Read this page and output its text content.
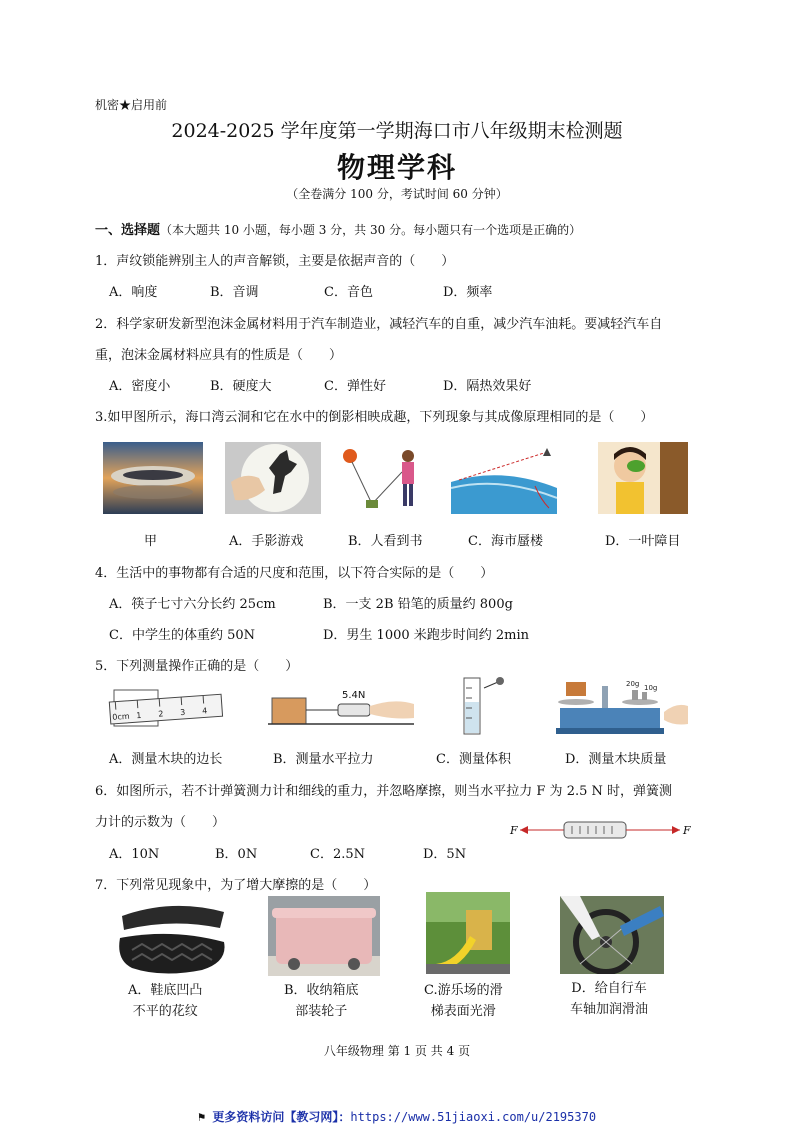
机密★启用前
2024-2025 学年度第一学期海口市八年级期末检测题
物理学科
（全卷满分 100 分，考试时间 60 分钟）
一、选择题（本大题共 10 小题，每小题 3 分，共 30 分。每小题只有一个选项是正确的）
1．声纹锁能辨别主人的声音解锁，主要是依据声音的（　　）
A．响度	B．音调	C．音色	D．频率
2．科学家研发新型泡沫金属材料用于汽车制造业，减轻汽车的自重，减少汽车油耗。要减轻汽车自
重，泡沫金属材料应具有的性质是（　　）
A．密度小	B．硬度大	C．弹性好	D．隔热效果好
3.如甲图所示，海口湾云洞和它在水中的倒影相映成趣，下列现象与其成像原理相同的是（　　）
甲	A．手影游戏	B．人看到书	C．海市蜃楼	D．一叶障目
4．生活中的事物都有合适的尺度和范围，以下符合实际的是（　　）
A．筷子七寸六分长约 25cm	B．一支 2B 铅笔的质量约 800g
C．中学生的体重约 50N	D．男生 1000 米跑步时间约 2min
5．下列测量操作正确的是（　　）
0cm 1 2 3 4
5.4N
20g 10g
A．测量木块的边长	B．测量水平拉力	C．测量体积	D．测量木块质量
6．如图所示，若不计弹簧测力计和细线的重力，并忽略摩擦，则当水平拉力 F 为 2.5 N 时，弹簧测
力计的示数为（　　）
F	F
A．10N	B．0N	C．2.5N	D．5N
7．下列常见现象中，为了增大摩擦的是（　　）
A．鞋底凹凸
不平的花纹
B．收纳箱底
部装轮子
C.游乐场的滑
梯表面光滑
D．给自行车
车轴加润滑油
八年级物理 第 1 页 共 4 页
⚑ 更多资料访问【教习网】：https://www.51jiaoxi.com/u/2195370
